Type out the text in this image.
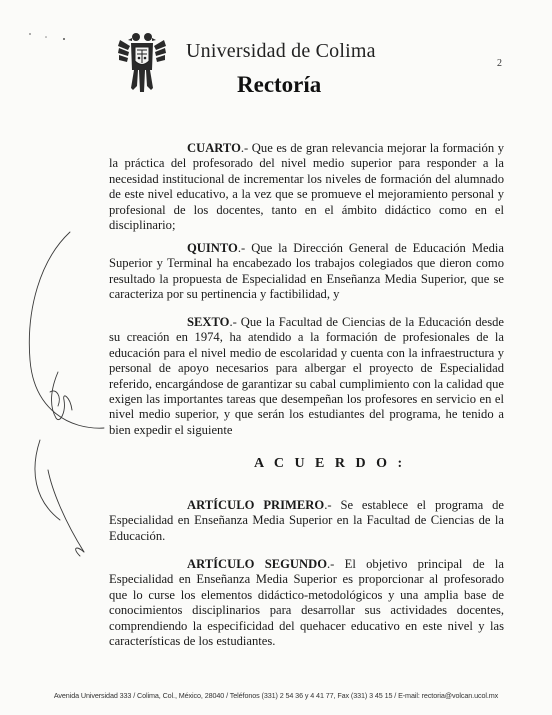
Universidad de Colima
Rectoría
2

CUARTO.- Que es de gran relevancia mejorar la formación y la práctica del profesorado del nivel medio superior para responder a la necesidad institucional de incrementar los niveles de formación del alumnado de este nivel educativo, a la vez que se promueve el mejoramiento personal y profesional de los docentes, tanto en el ámbito didáctico como en el disciplinario;

QUINTO.- Que la Dirección General de Educación Media Superior y Terminal ha encabezado los trabajos colegiados que dieron como resultado la propuesta de Especialidad en Enseñanza Media Superior, que se caracteriza por su pertinencia y factibilidad, y

SEXTO.- Que la Facultad de Ciencias de la Educación desde su creación en 1974, ha atendido a la formación de profesionales de la educación para el nivel medio de escolaridad y cuenta con la infraestructura y personal de apoyo necesarios para albergar el proyecto de Especialidad referido, encargándose de garantizar su cabal cumplimiento con la calidad que exigen las importantes tareas que desempeñan los profesores en servicio en el nivel medio superior, y que serán los estudiantes del programa, he tenido a bien expedir el siguiente

A C U E R D O :

ARTÍCULO PRIMERO.- Se establece el programa de Especialidad en Enseñanza Media Superior en la Facultad de Ciencias de la Educación.

ARTÍCULO SEGUNDO.- El objetivo principal de la Especialidad en Enseñanza Media Superior es proporcionar al profesorado que lo curse los elementos didáctico-metodológicos y una amplia base de conocimientos disciplinarios para desarrollar sus actividades docentes, comprendiendo la especificidad del quehacer educativo en este nivel y las características de los estudiantes.

Avenida Universidad 333 / Colima, Col., México, 28040 / Teléfonos (331) 2 54 36 y 4 41 77, Fax (331) 3 45 15 / E-mail: rectoria@volcan.ucol.mx
